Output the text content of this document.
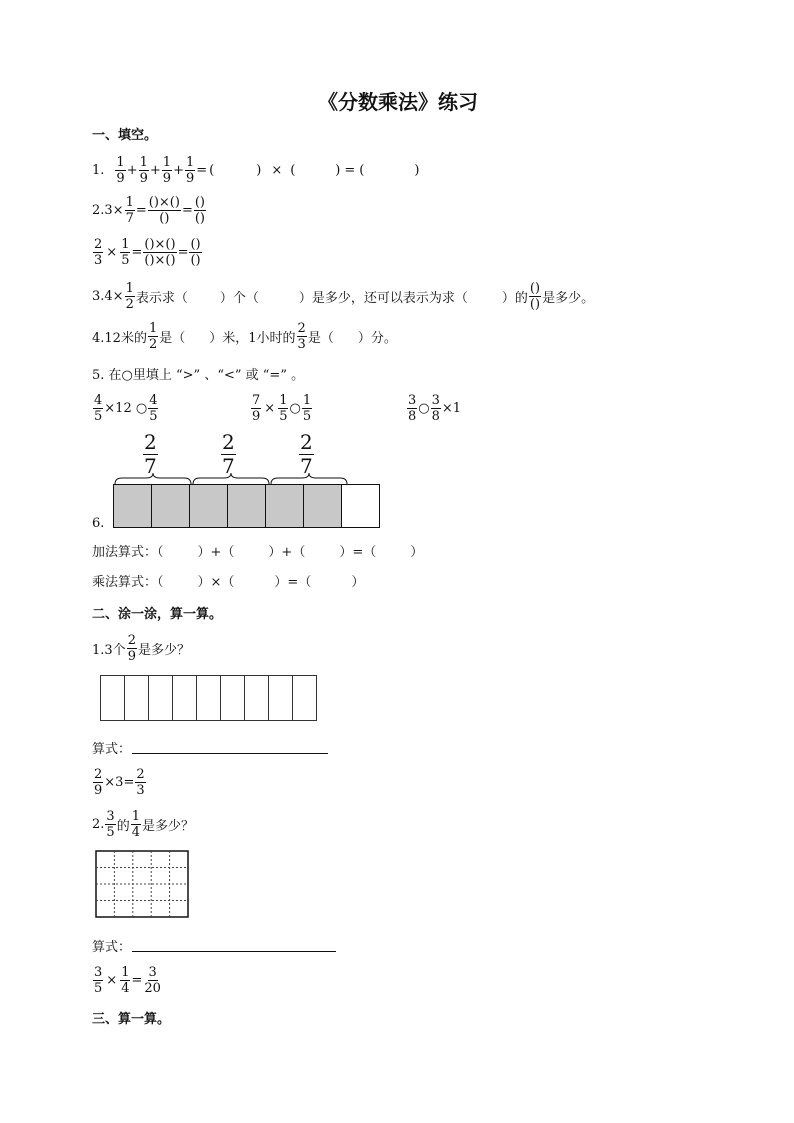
《分数乘法》练习
一、填空。
1. $\frac{1}{9} + \frac{1}{9} + \frac{1}{9} + \frac{1}{9}$ = (	) × (	) = (	)
$2.3\times \frac{1}{7} = \frac{()\times()}{()} = \frac{()}{()}$
$\frac{2}{3} \times \frac{1}{5} = \frac{()\times()}{()\times()} = \frac{()}{()}$
$3.4\times \frac{1}{2}$ 表示求（ ）个（	）是多少，还可以表示为求（	）的 $\frac{()}{()}$ 是多少。
4.12米的 $\frac{1}{2}$ 是（ ）米，1小时的 $\frac{2}{3}$ 是（ ）分。
5. 在○里填上 “>” 、“<” 或 “=” 。
$\frac{4}{5} \times 12$ ○ $\frac{4}{5}$	$\frac{7}{9} \times \frac{1}{5}$ ○ $\frac{1}{5}$	$\frac{3}{8}$ ○ $\frac{3}{8} \times 1$
$\frac{2}{7}$	$\frac{2}{7}$	$\frac{2}{7}$
6.
加法算式：（	）+（	）+（	）=（	）
乘法算式：（	）×（	）=（	）
二、涂一涂，算一算。
1.3个 $\frac{2}{9}$ 是多少？
算式：
$\frac{2}{9} \times 3= \frac{2}{3}$
2. $\frac{3}{5}$ 的 $\frac{1}{4}$ 是多少？
算式：
$\frac{3}{5} \times \frac{1}{4} = \frac{3}{20}$
三、算一算。
